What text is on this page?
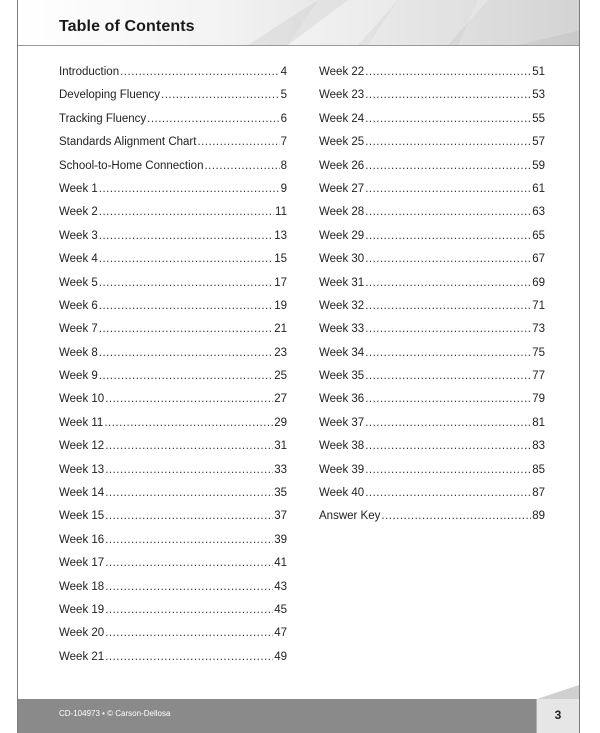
Table of Contents
Introduction .....	4
Developing Fluency .....	5
Tracking Fluency .....	6
Standards Alignment Chart .....	7
School-to-Home Connection .....	8
Week 1 .....	9
Week 2 .....	11
Week 3 .....	13
Week 4 .....	15
Week 5 .....	17
Week 6 .....	19
Week 7 .....	21
Week 8 .....	23
Week 9 .....	25
Week 10 .....	27
Week 11 .....	29
Week 12 .....	31
Week 13 .....	33
Week 14 .....	35
Week 15 .....	37
Week 16 .....	39
Week 17 .....	41
Week 18 .....	43
Week 19 .....	45
Week 20 .....	47
Week 21 .....	49
Week 22 .....	51
Week 23 .....	53
Week 24 .....	55
Week 25 .....	57
Week 26 .....	59
Week 27 .....	61
Week 28 .....	63
Week 29 .....	65
Week 30 .....	67
Week 31 .....	69
Week 32 .....	71
Week 33 .....	73
Week 34 .....	75
Week 35 .....	77
Week 36 .....	79
Week 37 .....	81
Week 38 .....	83
Week 39 .....	85
Week 40 .....	87
Answer Key .....	89
CD-104973 • © Carson-Dellosa	3
